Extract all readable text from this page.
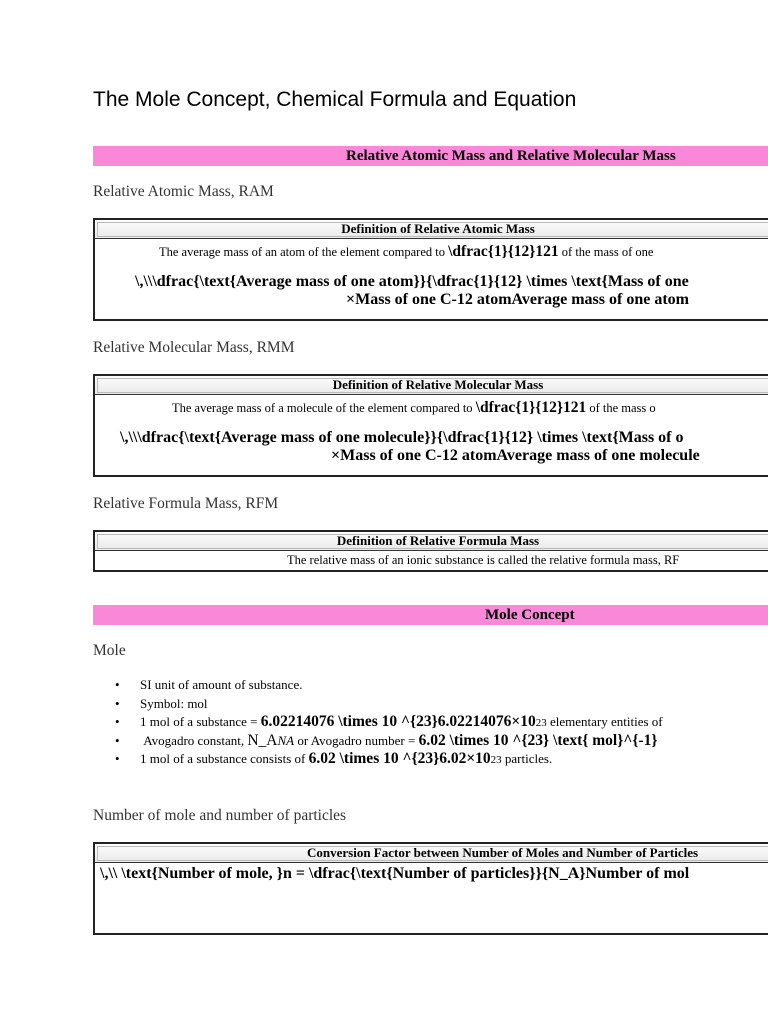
The Mole Concept, Chemical Formula and Equation
Relative Atomic Mass and Relative Molecular Mass
Relative Atomic Mass, RAM
Definition of Relative Atomic Mass
The average mass of an atom of the element compared to \dfrac{1}{12}121 of the mass of one
\,\\\dfrac{\text{Average mass of one atom}}{\dfrac{1}{12} \times \text{Mass of one
×Mass of one C-12 atomAverage mass of one atom
Relative Molecular Mass, RMM
Definition of Relative Molecular Mass
The average mass of a molecule of the element compared to \dfrac{1}{12}121 of the mass o
\,\\\dfrac{\text{Average mass of one molecule}}{\dfrac{1}{12} \times \text{Mass of o
×Mass of one C-12 atomAverage mass of one molecule
Relative Formula Mass, RFM
Definition of Relative Formula Mass
The relative mass of an ionic substance is called the relative formula mass, RF
Mole Concept
Mole
• SI unit of amount of substance.
• Symbol: mol
• 1 mol of a substance = 6.02214076 \times 10 ^{23}6.02214076×1023 elementary entities of
• Avogadro constant, N_ANA or Avogadro number = 6.02 \times 10 ^{23} \text{ mol}^{-1}
• 1 mol of a substance consists of 6.02 \times 10 ^{23}6.02×1023 particles.
Number of mole and number of particles
Conversion Factor between Number of Moles and Number of Particles
\,\\ \text{Number of mole, }n = \dfrac{\text{Number of particles}}{N_A}Number of mol
